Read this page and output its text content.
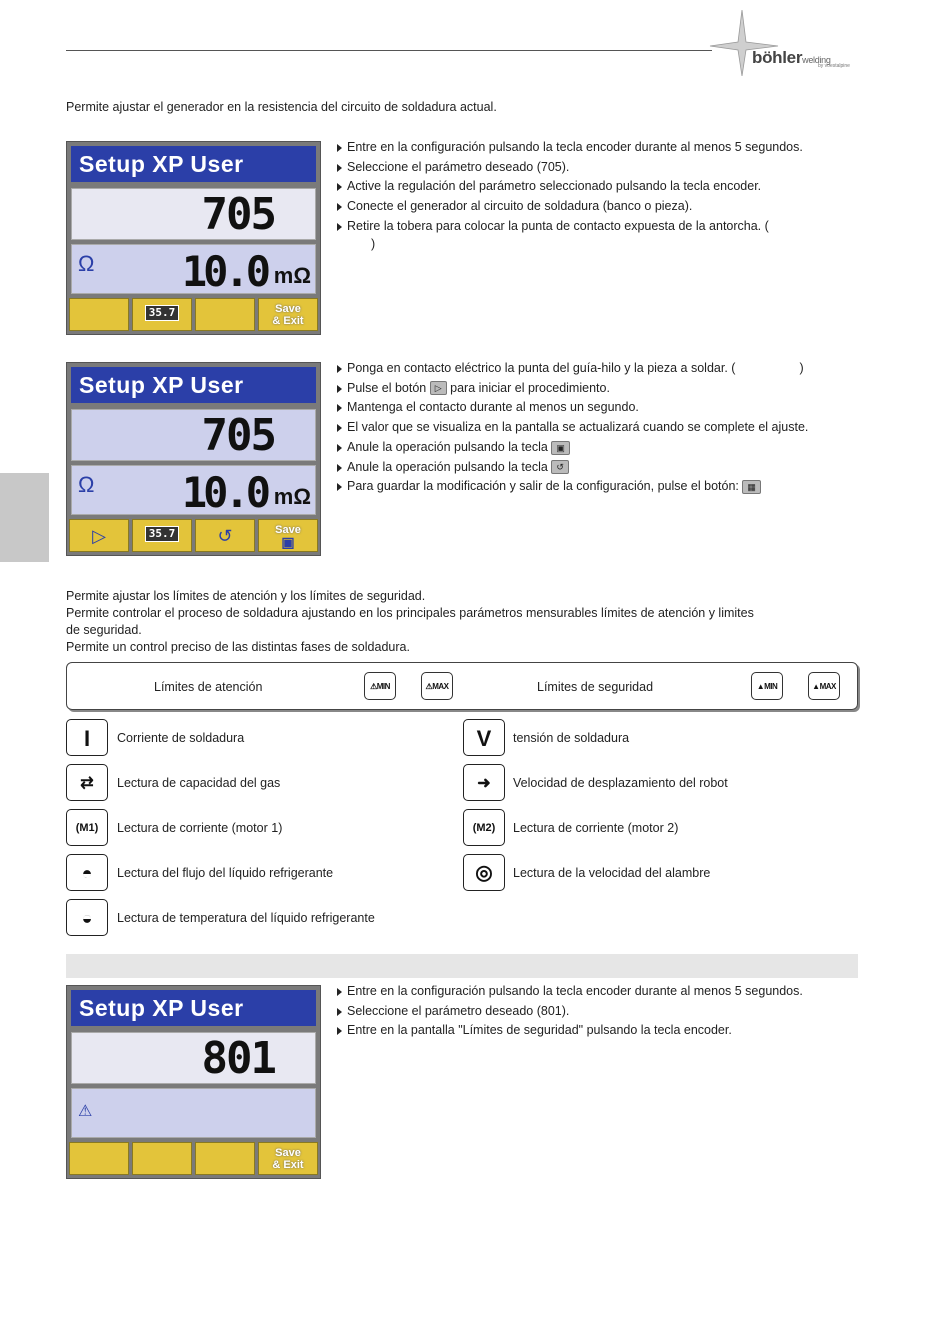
böhlerwelding
by voestalpine
Permite ajustar el generador en la resistencia del circuito de soldadura actual.
Setup XP User
705
Ω 10.0 mΩ
35.7	Save
& Exit
Entre en la configuración pulsando la tecla encoder durante al menos 5 segundos.
Seleccione el parámetro deseado (705).
Active la regulación del parámetro seleccionado pulsando la tecla encoder.
Conecte el generador al circuito de soldadura (banco o pieza).
Retire la tobera para colocar la punta de contacto expuesta de la antorcha. (
)
Setup XP User
705
Ω 10.0 mΩ
▷	35.7	↺	Save
▣
Ponga en contacto eléctrico la punta del guía-hilo y la pieza a soldar. (	)
Pulse el botón ▷ para iniciar el procedimiento.
Mantenga el contacto durante al menos un segundo.
El valor que se visualiza en la pantalla se actualizará cuando se complete el ajuste.
Anule la operación pulsando la tecla ▣
Anule la operación pulsando la tecla ↺
Para guardar la modificación y salir de la configuración, pulse el botón: ▦
Permite ajustar los límites de atención y los límites de seguridad.
Permite controlar el proceso de soldadura ajustando en los principales parámetros mensurables límites de atención y limites
de seguridad.
Permite un control preciso de las distintas fases de soldadura.
Límites de atención	⚠MIN	⚠MAX	Límites de seguridad	▲MIN	▲MAX
I	Corriente de soldadura	V	tensión de soldadura
⇄	Lectura de capacidad del gas	➜	Velocidad de desplazamiento del robot
(M1)	Lectura de corriente (motor 1)	(M2)	Lectura de corriente (motor 2)
◓	Lectura del flujo del líquido refrigerante	◎	Lectura de la velocidad del alambre
◒	Lectura de temperatura del líquido refrigerante
Setup XP User
801
⚠
Save
& Exit
Entre en la configuración pulsando la tecla encoder durante al menos 5 segundos.
Seleccione el parámetro deseado (801).
Entre en la pantalla "Límites de seguridad" pulsando la tecla encoder.
